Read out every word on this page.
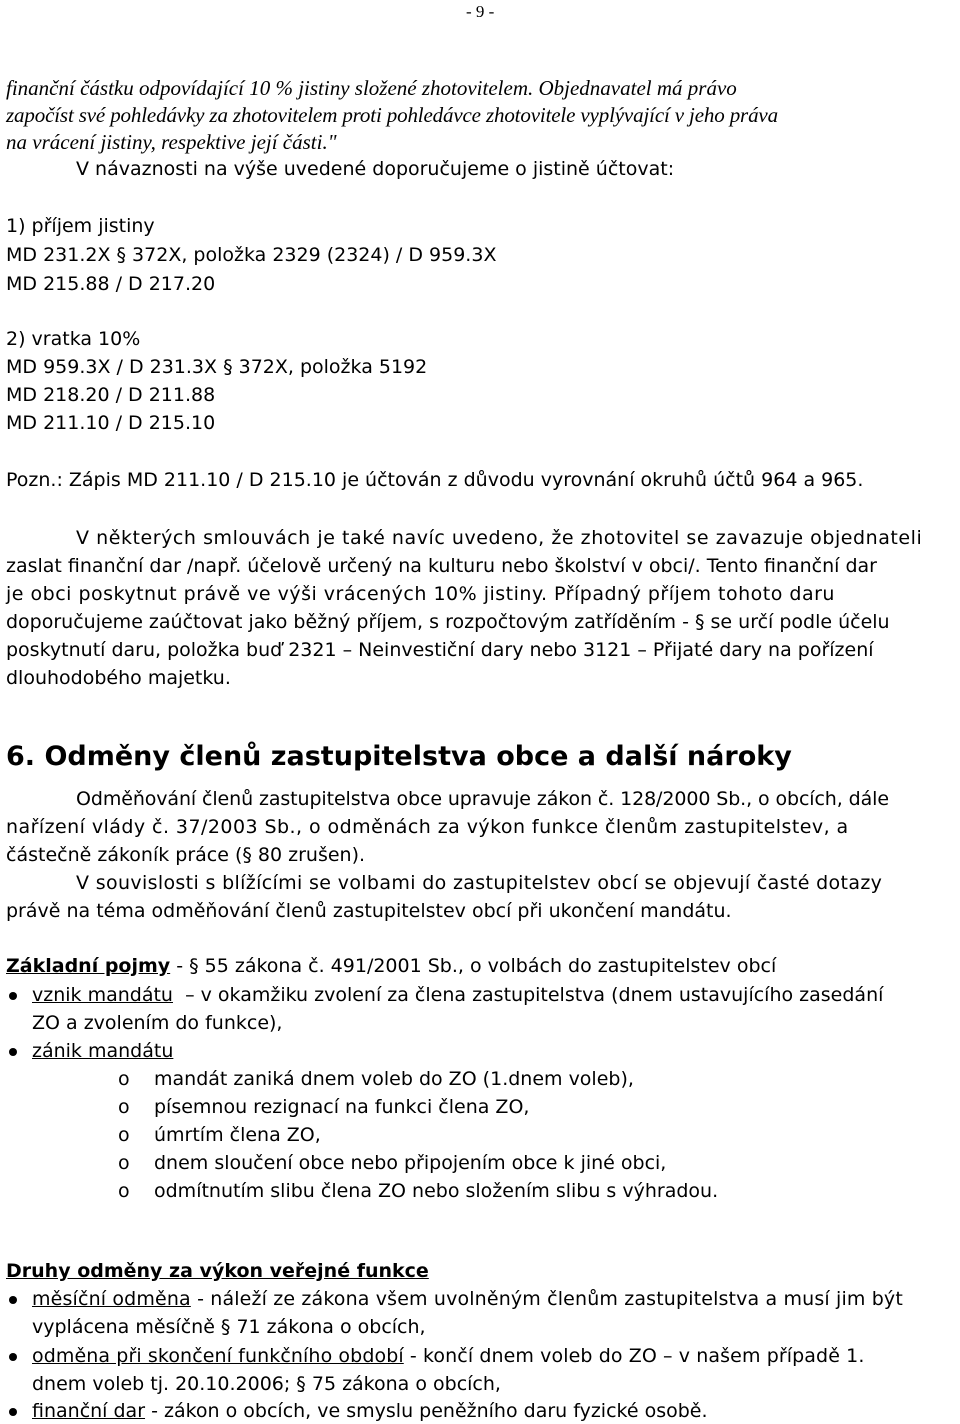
- 9 -
finanční částku odpovídající 10 % jistiny složené zhotovitelem. Objednavatel má právo
započíst své pohledávky za zhotovitelem proti pohledávce zhotovitele vyplývající v jeho práva
na vrácení jistiny, respektive její části."
V návaznosti na výše uvedené doporučujeme o jistině účtovat:
1) příjem jistiny
MD 231.2X § 372X, položka 2329 (2324) / D 959.3X
MD 215.88 / D 217.20
2) vratka 10%
MD 959.3X / D 231.3X § 372X, položka 5192
MD 218.20 / D 211.88
MD 211.10 / D 215.10
Pozn.: Zápis MD 211.10 / D 215.10 je účtován z důvodu vyrovnání okruhů účtů 964 a 965.
V některých smlouvách je také navíc uvedeno, že zhotovitel se zavazuje objednateli
zaslat finanční dar /např. účelově určený na kulturu nebo školství v obci/. Tento finanční dar
je obci poskytnut právě ve výši vrácených 10% jistiny. Případný příjem tohoto daru
doporučujeme zaúčtovat jako běžný příjem, s rozpočtovým zatříděním - § se určí podle účelu
poskytnutí daru, položka buď 2321 – Neinvestiční dary nebo 3121 – Přijaté dary na pořízení
dlouhodobého majetku.
6. Odměny členů zastupitelstva obce a další nároky
Odměňování členů zastupitelstva obce upravuje zákon č. 128/2000 Sb., o obcích, dále
nařízení vlády č. 37/2003 Sb., o odměnách za výkon funkce členům zastupitelstev, a
částečně zákoník práce (§ 80 zrušen).
V souvislosti s blížícími se volbami do zastupitelstev obcí se objevují časté dotazy
právě na téma odměňování členů zastupitelstev obcí při ukončení mandátu.
Základní pojmy - § 55 zákona č. 491/2001 Sb., o volbách do zastupitelstev obcí
vznik mandátu – v okamžiku zvolení za člena zastupitelstva (dnem ustavujícího zasedání
ZO a zvolením do funkce),
zánik mandátu
o mandát zaniká dnem voleb do ZO (1.dnem voleb),
o písemnou rezignací na funkci člena ZO,
o úmrtím člena ZO,
o dnem sloučení obce nebo připojením obce k jiné obci,
o odmítnutím slibu člena ZO nebo složením slibu s výhradou.
Druhy odměny za výkon veřejné funkce
měsíční odměna - náleží ze zákona všem uvolněným členům zastupitelstva a musí jim být
vyplácena měsíčně § 71 zákona o obcích,
odměna při skončení funkčního období - končí dnem voleb do ZO – v našem případě 1.
dnem voleb tj. 20.10.2006; § 75 zákona o obcích,
finanční dar - zákon o obcích, ve smyslu peněžního daru fyzické osobě.
